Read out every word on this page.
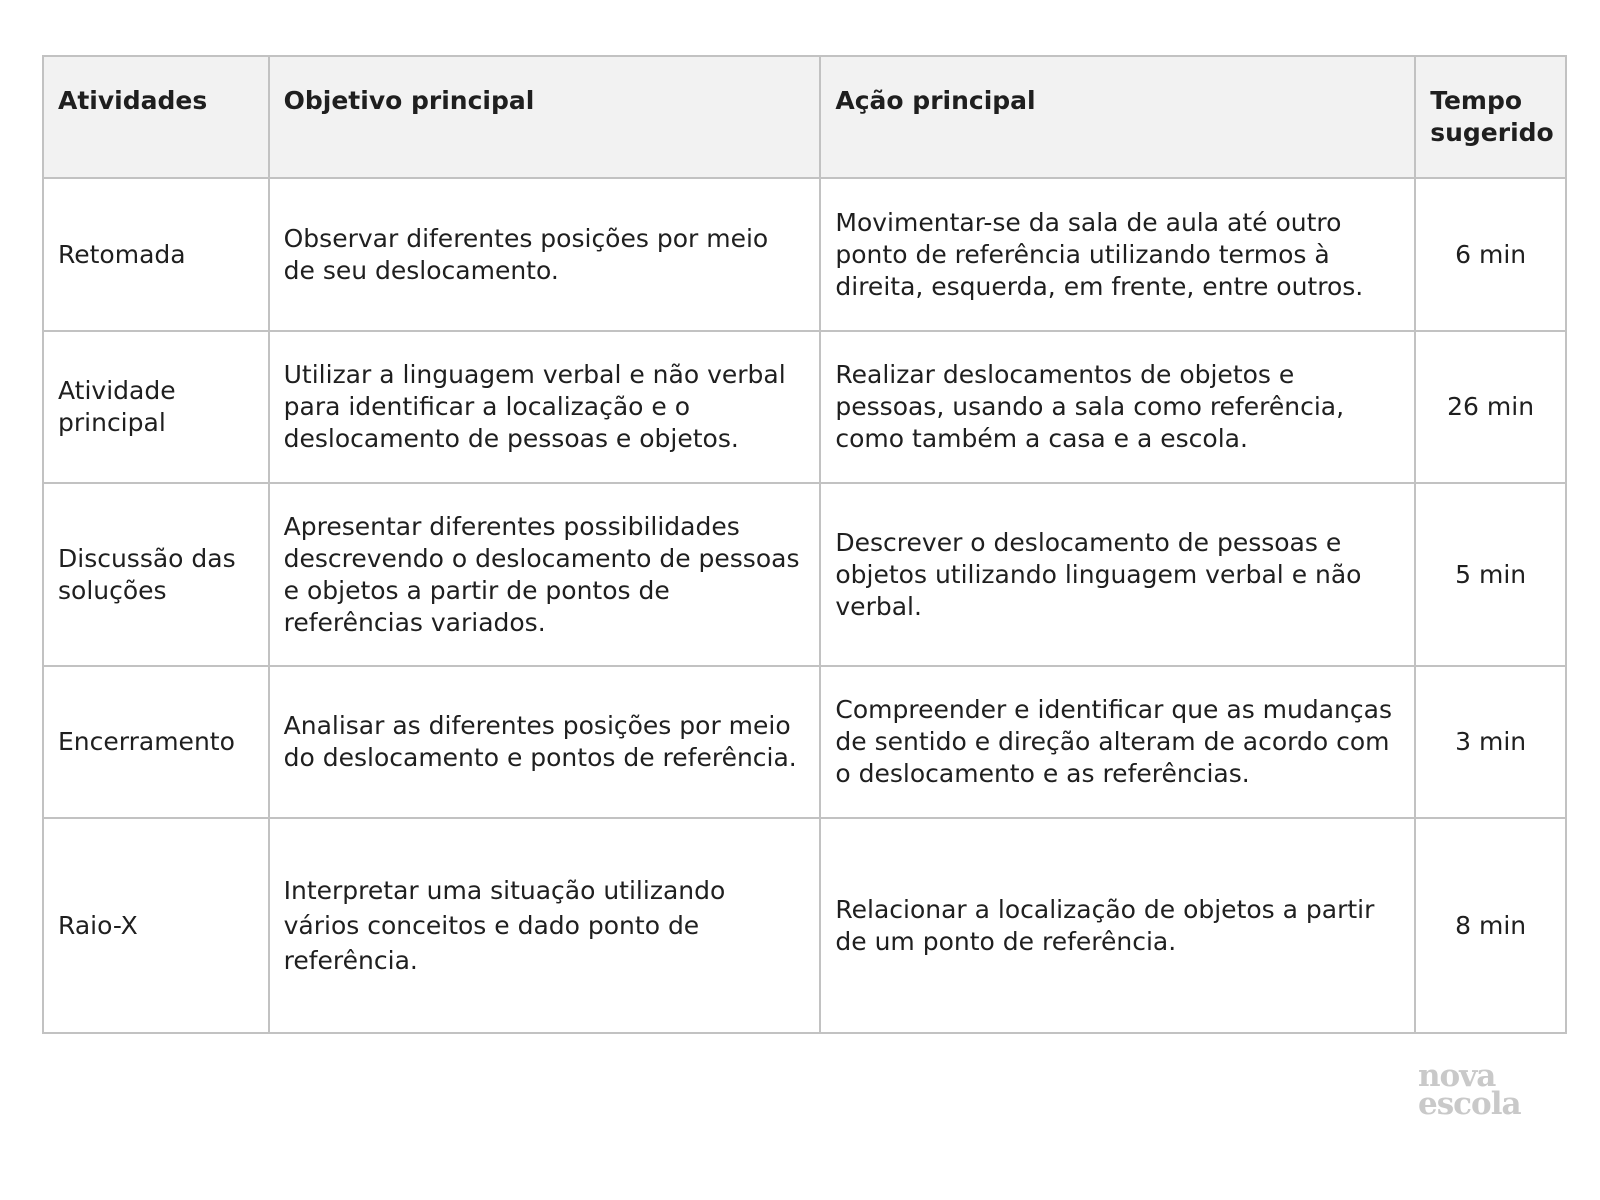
Atividades	Objetivo principal	Ação principal	Tempo sugerido
Retomada	Observar diferentes posições por meio de seu deslocamento.	Movimentar-se da sala de aula até outro ponto de referência utilizando termos à direita, esquerda, em frente, entre outros.	6 min
Atividade principal	Utilizar a linguagem verbal e não verbal para identificar a localização e o deslocamento de pessoas e objetos.	Realizar deslocamentos de objetos e pessoas, usando a sala como referência, como também a casa e a escola.	26 min
Discussão das soluções	Apresentar diferentes possibilidades descrevendo o deslocamento de pessoas e objetos a partir de pontos de referências variados.	Descrever o deslocamento de pessoas e objetos utilizando linguagem verbal e não verbal.	5 min
Encerramento	Analisar as diferentes posições por meio do deslocamento e pontos de referência.	Compreender e identificar que as mudanças de sentido e direção alteram de acordo com o deslocamento e as referências.	3 min
Raio-X	Interpretar uma situação utilizando vários conceitos e dado ponto de referência.	Relacionar a localização de objetos a partir de um ponto de referência.	8 min
nova
escola
